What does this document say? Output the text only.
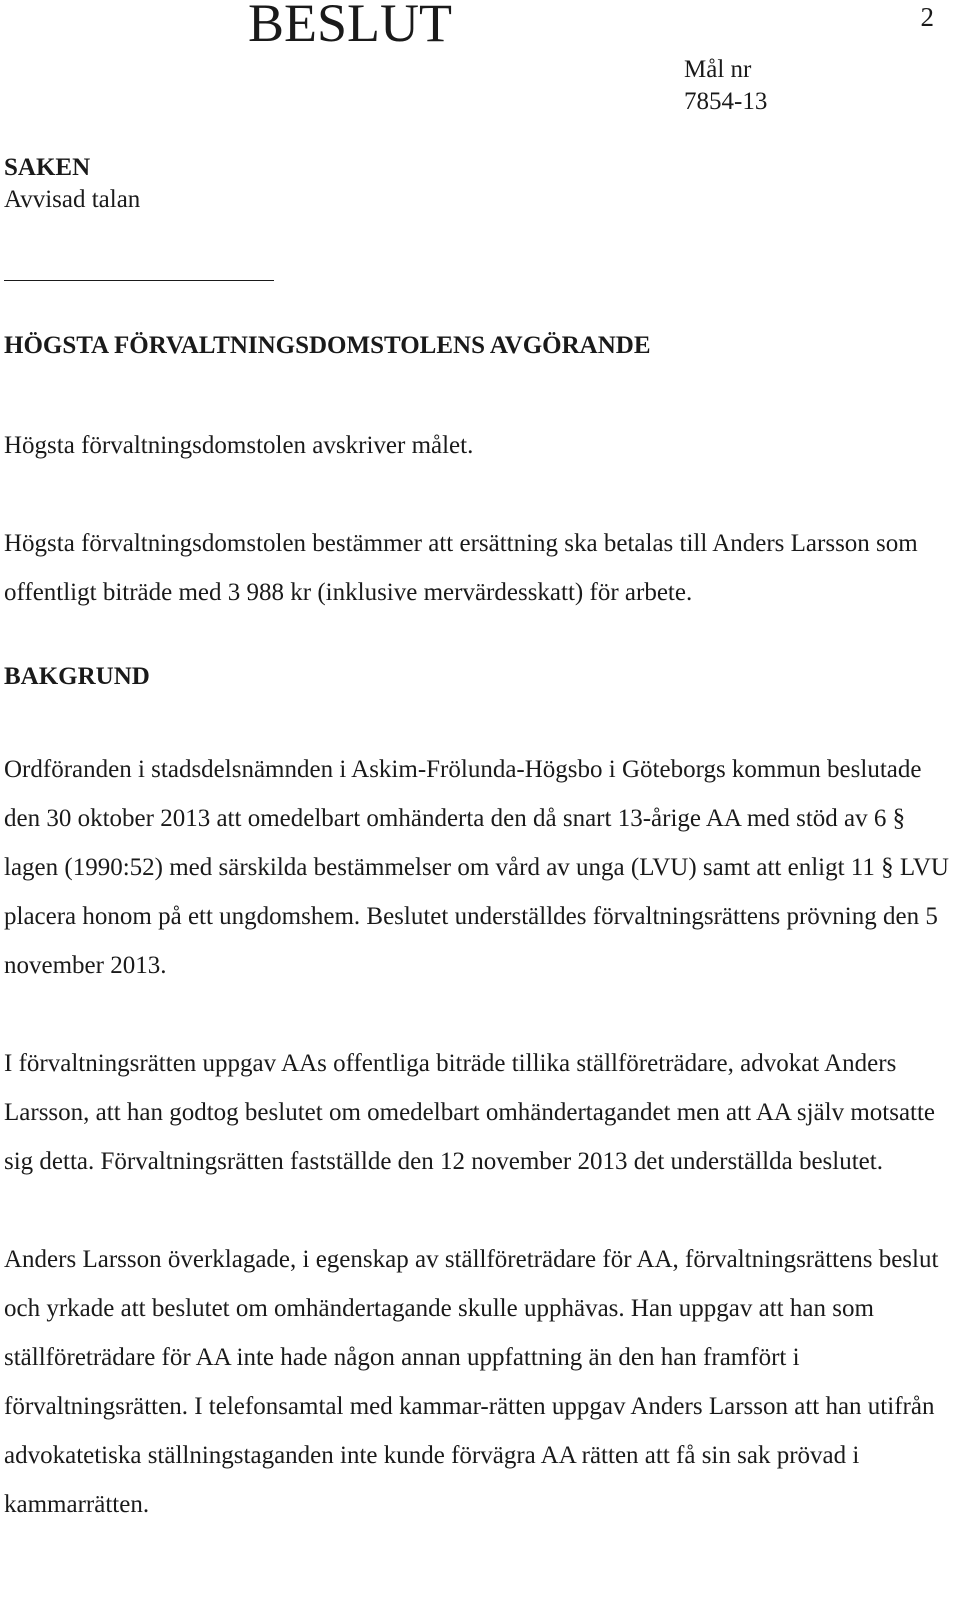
2
BESLUT
Mål nr
7854-13
SAKEN
Avvisad talan
HÖGSTA FÖRVALTNINGSDOMSTOLENS AVGÖRANDE

Högsta förvaltningsdomstolen avskriver målet.

Högsta förvaltningsdomstolen bestämmer att ersättning ska betalas till Anders Larsson som offentligt biträde med 3 988 kr (inklusive mervärdesskatt) för arbete.

BAKGRUND

Ordföranden i stadsdelsnämnden i Askim-Frölunda-Högsbo i Göteborgs kommun beslutade den 30 oktober 2013 att omedelbart omhänderta den då snart 13-årige AA med stöd av 6 § lagen (1990:52) med särskilda bestämmelser om vård av unga (LVU) samt att enligt 11 § LVU placera honom på ett ungdomshem. Beslutet underställdes förvaltningsrättens prövning den 5 november 2013.

I förvaltningsrätten uppgav AAs offentliga biträde tillika ställföreträdare, advokat Anders Larsson, att han godtog beslutet om omedelbart omhändertagandet men att AA själv motsatte sig detta. Förvaltningsrätten fastställde den 12 november 2013 det underställda beslutet.

Anders Larsson överklagade, i egenskap av ställföreträdare för AA, förvaltningsrättens beslut och yrkade att beslutet om omhändertagande skulle upphävas. Han uppgav att han som ställföreträdare för AA inte hade någon annan uppfattning än den han framfört i förvaltningsrätten. I telefonsamtal med kammar-rätten uppgav Anders Larsson att han utifrån advokatetiska ställningstaganden inte kunde förvägra AA rätten att få sin sak prövad i kammarrätten.
